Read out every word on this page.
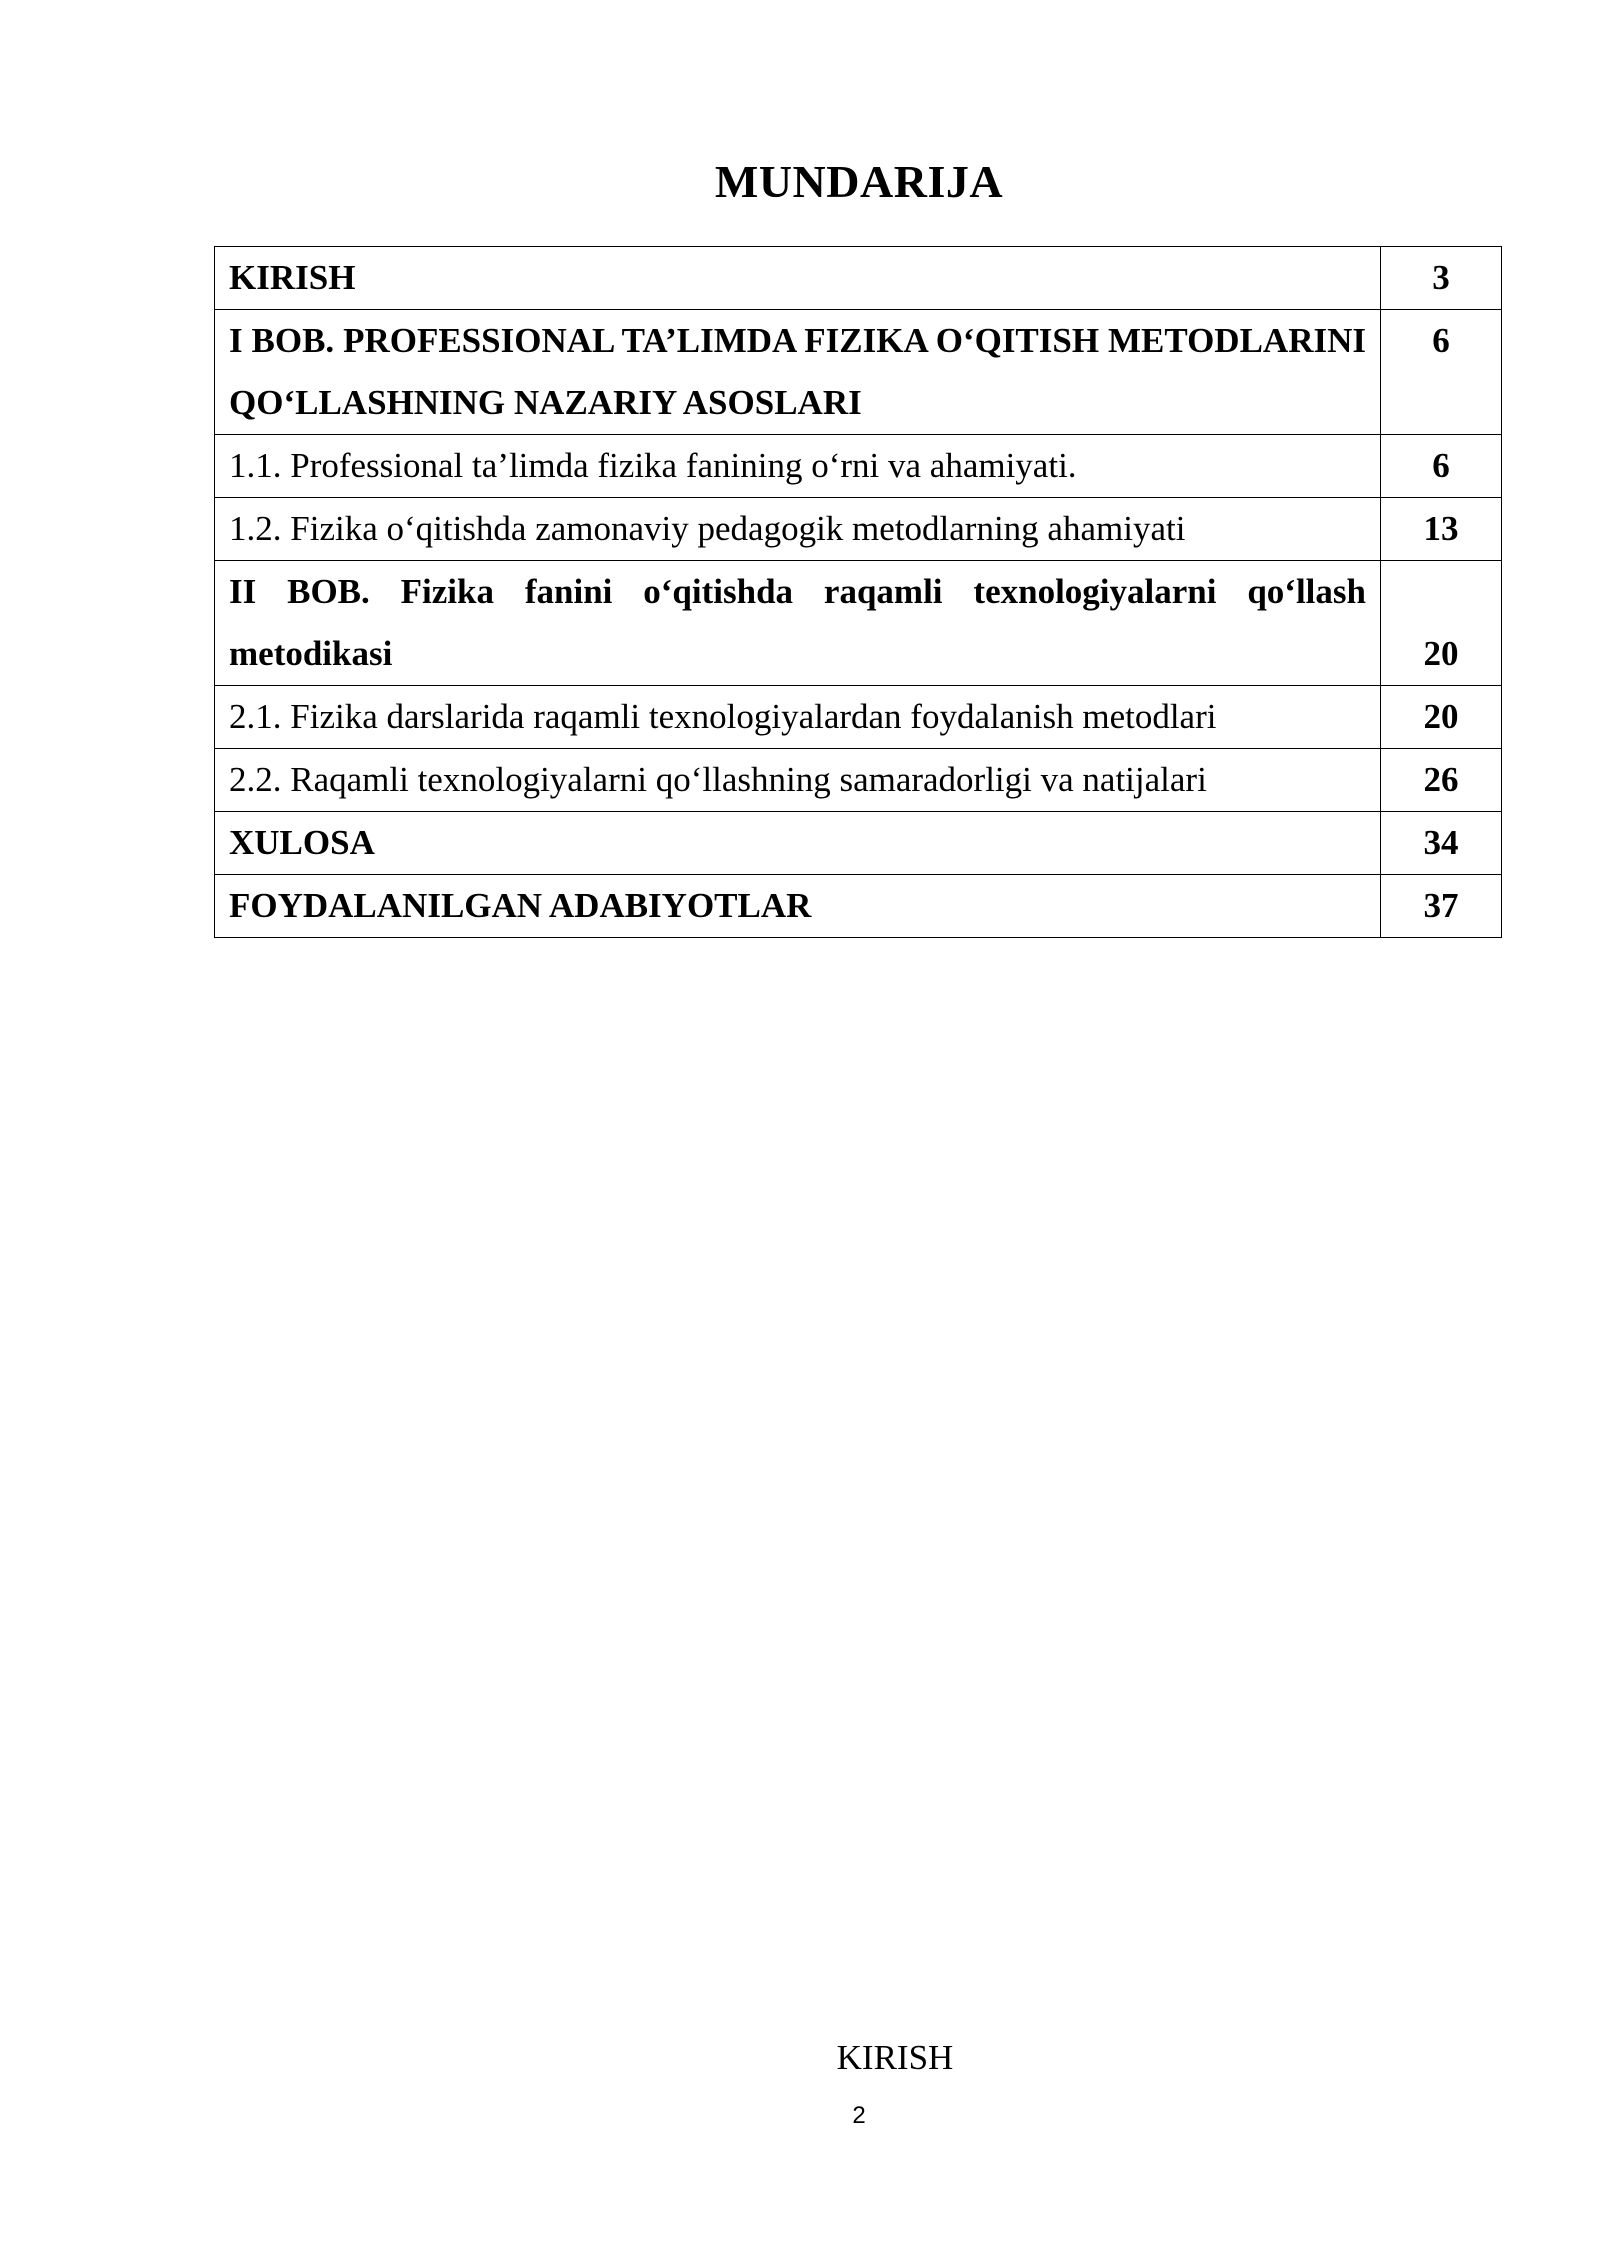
MUNDARIJA
KIRISH	3
I BOB. PROFESSIONAL TA’LIMDA FIZIKA O‘QITISH METODLARINI QO‘LLASHNING NAZARIY ASOSLARI	6
1.1. Professional ta’limda fizika fanining o‘rni va ahamiyati.	6
1.2. Fizika o‘qitishda zamonaviy pedagogik metodlarning ahamiyati	13
II BOB. Fizika fanini o‘qitishda raqamli texnologiyalarni qo‘llash metodikasi	20
2.1. Fizika darslarida raqamli texnologiyalardan foydalanish metodlari	20
2.2. Raqamli texnologiyalarni qo‘llashning samaradorligi va natijalari	26
XULOSA	34
FOYDALANILGAN ADABIYOTLAR	37
KIRISH
2
